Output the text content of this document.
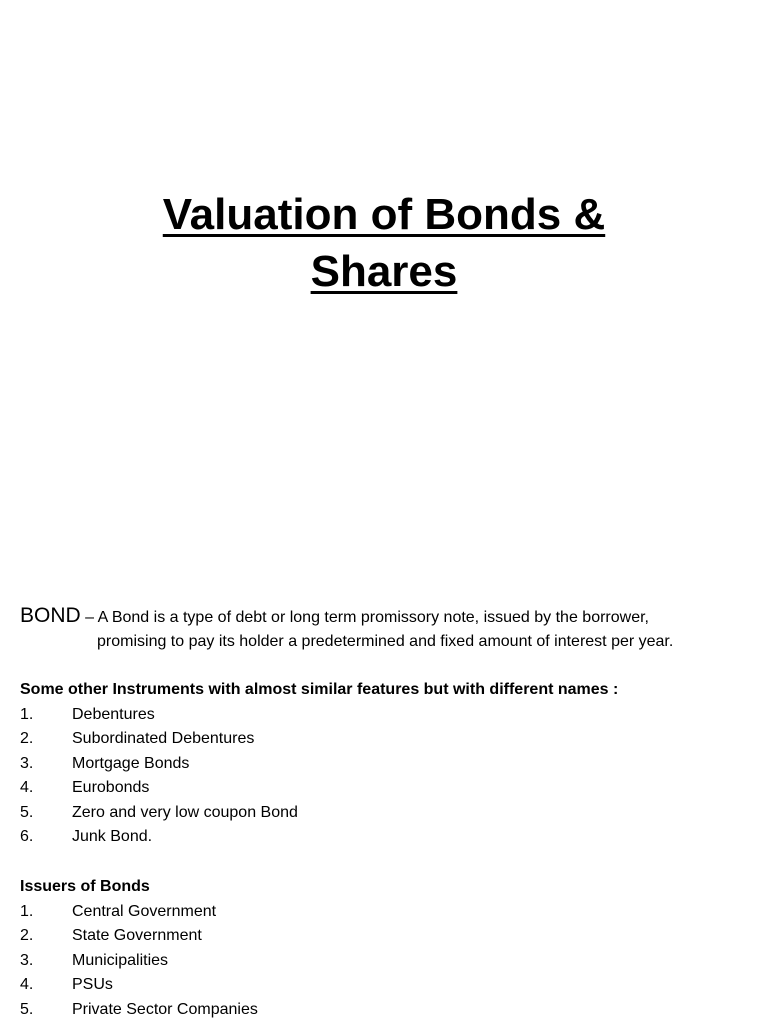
Valuation of Bonds &
Shares
BOND – A Bond is a type of debt or long term promissory note, issued by the borrower,
promising to pay its holder a predetermined and fixed amount of interest per year.
Some other Instruments with almost similar features but with different names :
1.	Debentures
2.	Subordinated Debentures
3.	Mortgage Bonds
4.	Eurobonds
5.	Zero and very low coupon Bond
6.	Junk Bond.
Issuers of Bonds
1.	Central Government
2.	State Government
3.	Municipalities
4.	PSUs
5.	Private Sector Companies
